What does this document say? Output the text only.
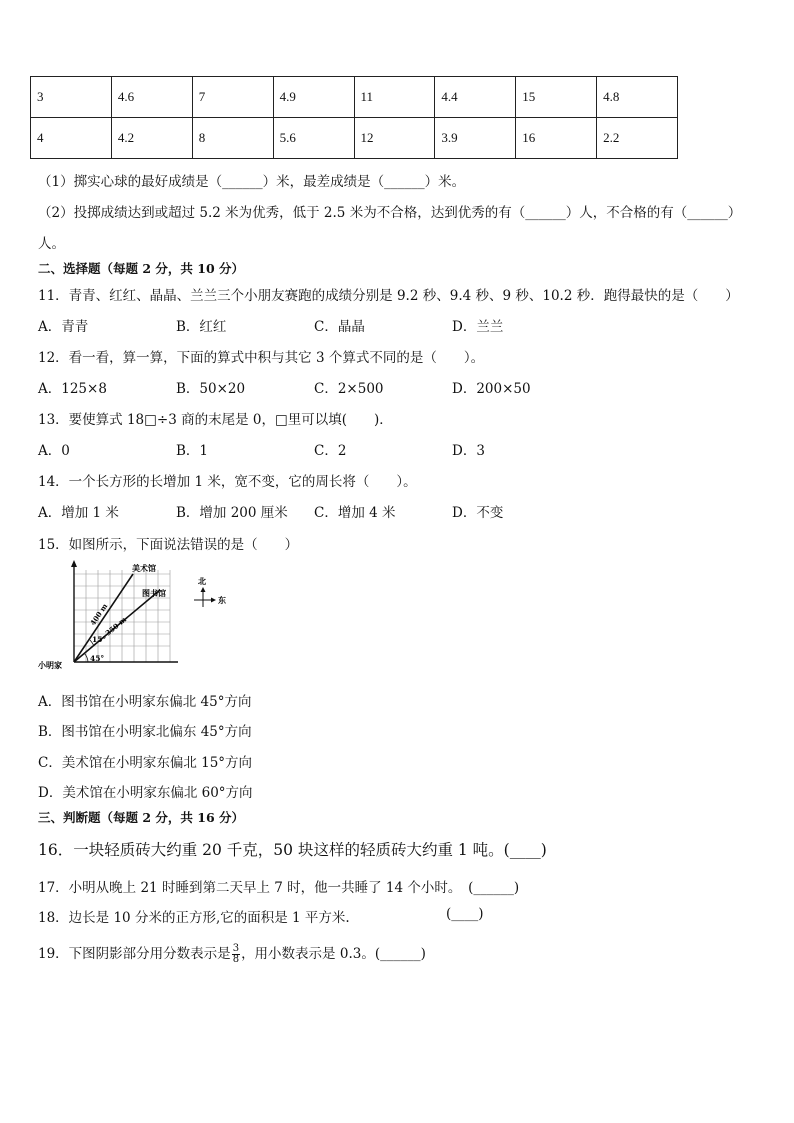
3	4.6	7	4.9	11	4.4	15	4.8
4	4.2	8	5.6	12	3.9	16	2.2
（1）掷实心球的最好成绩是（______）米，最差成绩是（______）米。
（2）投掷成绩达到或超过 5.2 米为优秀，低于 2.5 米为不合格，达到优秀的有（______）人，不合格的有（______）
人。
二、选择题（每题 2 分，共 10 分）
11．青青、红红、晶晶、兰兰三个小朋友赛跑的成绩分别是 9.2 秒、9.4 秒、9 秒、10.2 秒．跑得最快的是（　　）
A．青青	B．红红	C．晶晶	D．兰兰
12．看一看，算一算，下面的算式中积与其它 3 个算式不同的是（　　）。
A．125×8	B．50×20	C．2×500	D．200×50
13．要使算式 18□÷3 商的末尾是 0，□里可以填(　　)．
A．0	B．1	C．2	D．3
14．一个长方形的长增加 1 米，宽不变，它的周长将（　　）。
A．增加 1 米	B．增加 200 厘米 C．增加 4 米	D．不变
15．如图所示，下面说法错误的是（　　）
美术馆
图书馆
小明家
400 m
350 m
15°
45°
北
东
A．图书馆在小明家东偏北 45°方向
B．图书馆在小明家北偏东 45°方向
C．美术馆在小明家东偏北 15°方向
D．美术馆在小明家东偏北 60°方向
三、判断题（每题 2 分，共 16 分）
16．一块轻质砖大约重 20 千克，50 块这样的轻质砖大约重 1 吨。(____)
17．小明从晚上 21 时睡到第二天早上 7 时，他一共睡了 14 个小时。　(______)
18．边长是 10 分米的正方形,它的面积是 1 平方米.	(____)
19．下图阴影部分用分数表示是 $\frac{3}{8}$ ，用小数表示是 0.3。(______)
